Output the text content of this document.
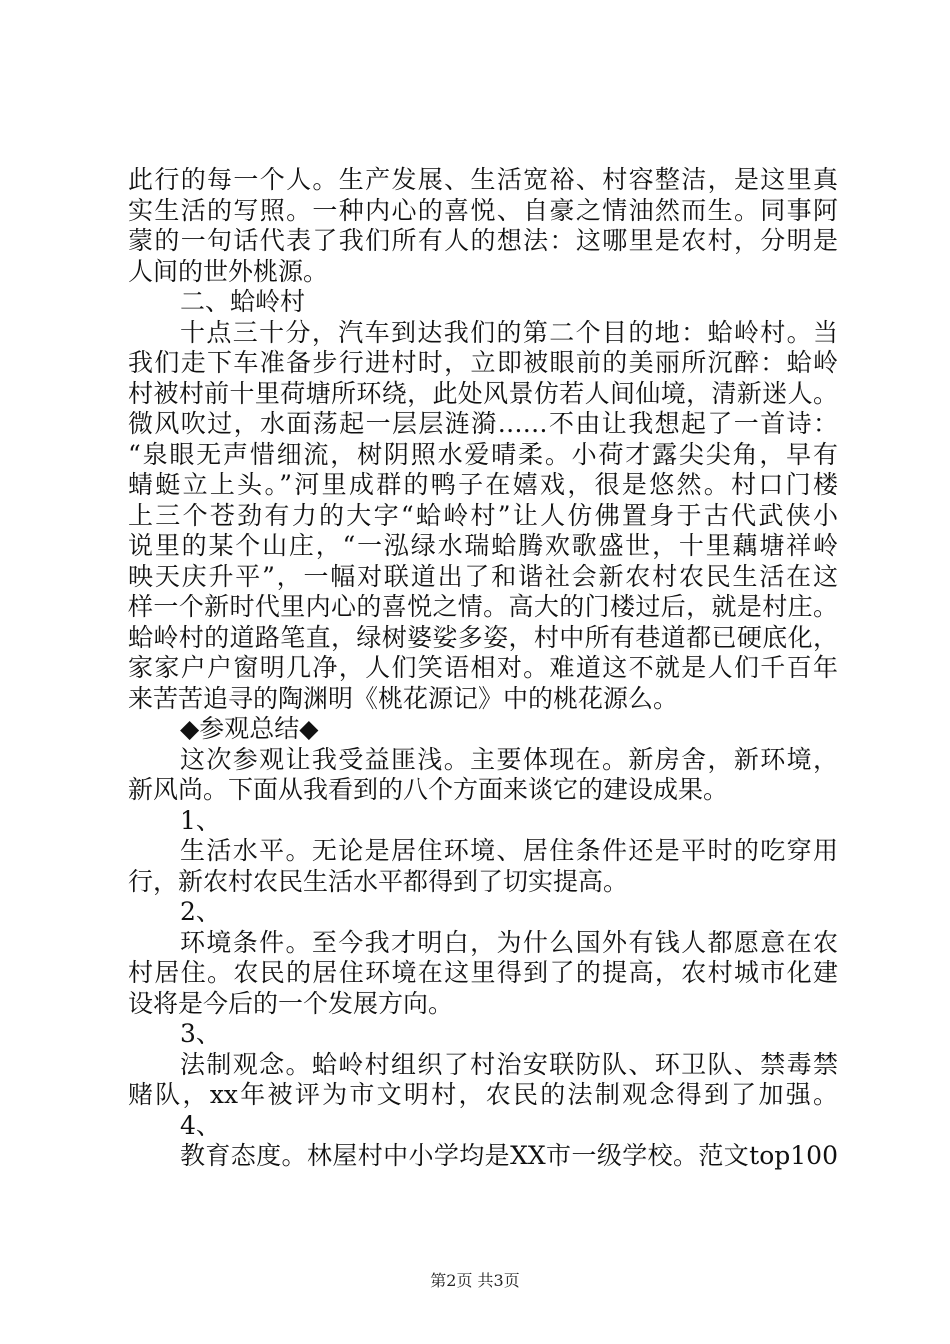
此行的每一个人。生产发展、生活宽裕、村容整洁，是这里真
实生活的写照。一种内心的喜悦、自豪之情油然而生。同事阿
蒙的一句话代表了我们所有人的想法：这哪里是农村，分明是
人间的世外桃源。
二、蛤岭村
十点三十分，汽车到达我们的第二个目的地：蛤岭村。当
我们走下车准备步行进村时，立即被眼前的美丽所沉醉：蛤岭
村被村前十里荷塘所环绕，此处风景仿若人间仙境，清新迷人。
微风吹过，水面荡起一层层涟漪……不由让我想起了一首诗：
“泉眼无声惜细流，树阴照水爱晴柔。小荷才露尖尖角，早有
蜻蜓立上头。”河里成群的鸭子在嬉戏，很是悠然。村口门楼
上三个苍劲有力的大字“蛤岭村”让人仿佛置身于古代武侠小
说里的某个山庄，“一泓绿水瑞蛤腾欢歌盛世，十里藕塘祥岭
映天庆升平”，一幅对联道出了和谐社会新农村农民生活在这
样一个新时代里内心的喜悦之情。高大的门楼过后，就是村庄。
蛤岭村的道路笔直，绿树婆娑多姿，村中所有巷道都已硬底化，
家家户户窗明几净，人们笑语相对。难道这不就是人们千百年
来苦苦追寻的陶渊明《桃花源记》中的桃花源么。
◆参观总结◆
这次参观让我受益匪浅。主要体现在。新房舍，新环境，
新风尚。下面从我看到的八个方面来谈它的建设成果。
1、
生活水平。无论是居住环境、居住条件还是平时的吃穿用
行，新农村农民生活水平都得到了切实提高。
2、
环境条件。至今我才明白，为什么国外有钱人都愿意在农
村居住。农民的居住环境在这里得到了的提高，农村城市化建
设将是今后的一个发展方向。
3、
法制观念。蛤岭村组织了村治安联防队、环卫队、禁毒禁
赌队，xx年被评为市文明村，农民的法制观念得到了加强。
4、
教育态度。林屋村中小学均是XX市一级学校。范文top100
第2页 共3页
